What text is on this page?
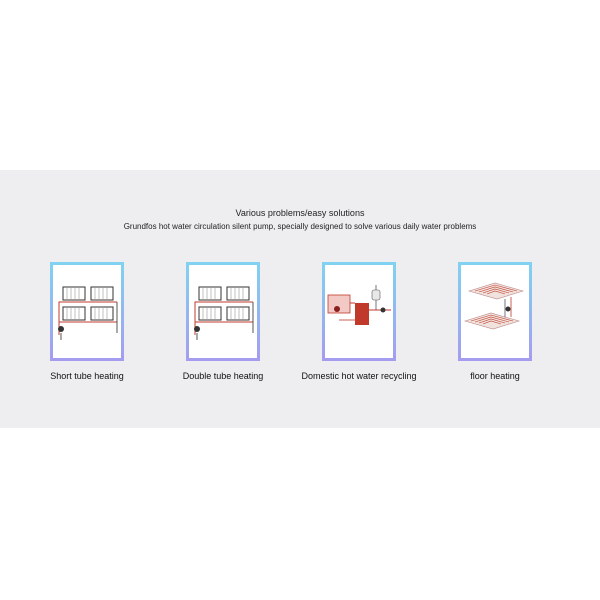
Various problems/easy solutions
Grundfos hot water circulation silent pump, specially designed to solve various daily water problems
Short tube heating	Double tube heating	Domestic hot water recycling	floor heating
